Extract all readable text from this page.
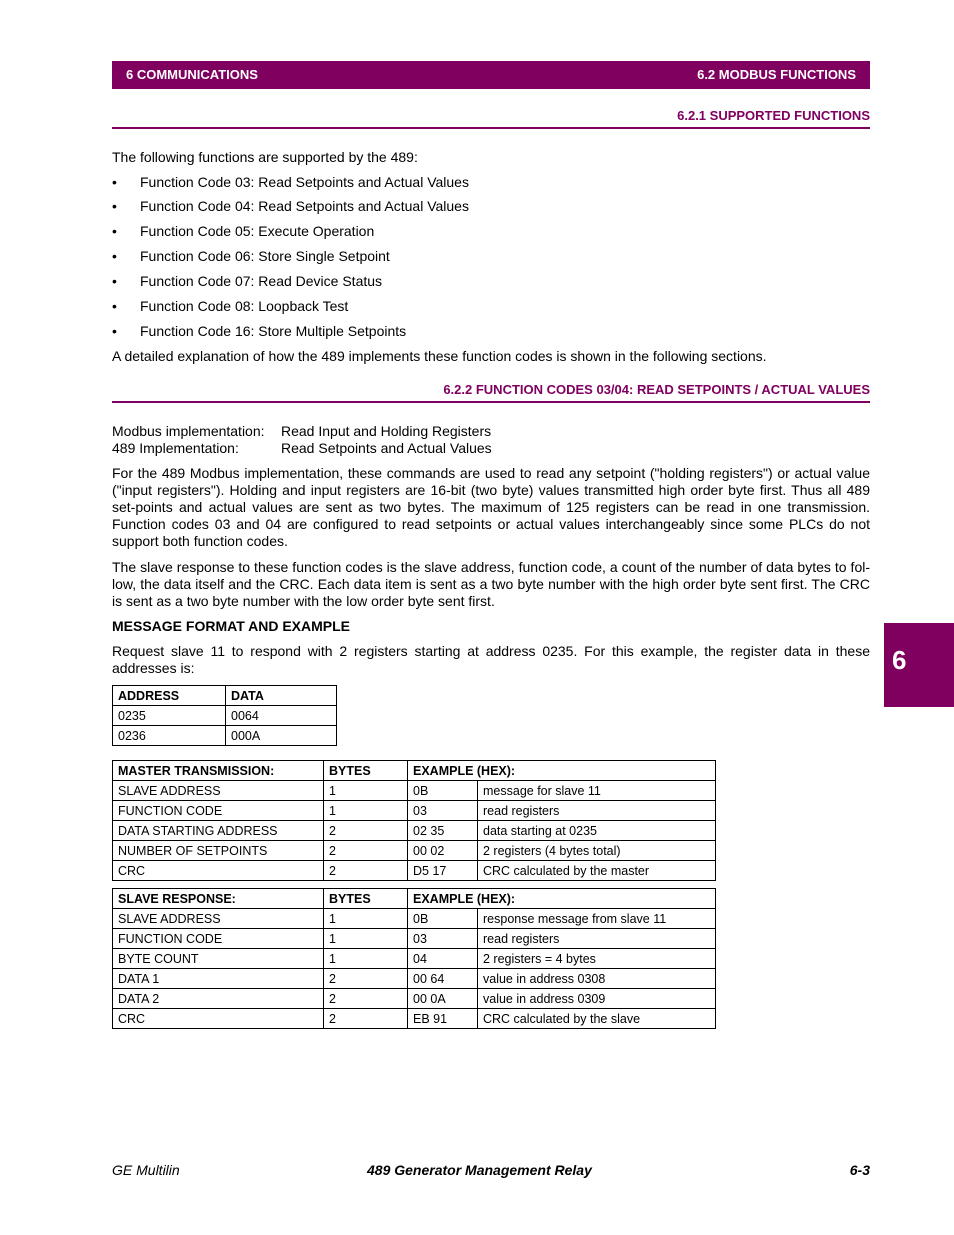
6 COMMUNICATIONS	6.2 MODBUS FUNCTIONS
6.2.1 SUPPORTED FUNCTIONS
The following functions are supported by the 489:
• Function Code 03: Read Setpoints and Actual Values
• Function Code 04: Read Setpoints and Actual Values
• Function Code 05: Execute Operation
• Function Code 06: Store Single Setpoint
• Function Code 07: Read Device Status
• Function Code 08: Loopback Test
• Function Code 16: Store Multiple Setpoints
A detailed explanation of how the 489 implements these function codes is shown in the following sections.
6.2.2 FUNCTION CODES 03/04: READ SETPOINTS / ACTUAL VALUES
Modbus implementation: Read Input and Holding Registers
489 Implementation:	Read Setpoints and Actual Values
For the 489 Modbus implementation, these commands are used to read any setpoint ("holding registers") or actual value ("input registers"). Holding and input registers are 16-bit (two byte) values transmitted high order byte first. Thus all 489 set-points and actual values are sent as two bytes. The maximum of 125 registers can be read in one transmission. Function codes 03 and 04 are configured to read setpoints or actual values interchangeably since some PLCs do not support both function codes.
The slave response to these function codes is the slave address, function code, a count of the number of data bytes to fol-low, the data itself and the CRC. Each data item is sent as a two byte number with the high order byte sent first. The CRC is sent as a two byte number with the low order byte sent first.
MESSAGE FORMAT AND EXAMPLE
Request slave 11 to respond with 2 registers starting at address 0235. For this example, the register data in these addresses is:
ADDRESS	DATA
0235	0064
0236	000A
MASTER TRANSMISSION:	BYTES	EXAMPLE (HEX):	
SLAVE ADDRESS	1	0B	message for slave 11
FUNCTION CODE	1	03	read registers
DATA STARTING ADDRESS	2	02 35	data starting at 0235
NUMBER OF SETPOINTS	2	00 02	2 registers (4 bytes total)
CRC	2	D5 17	CRC calculated by the master
SLAVE RESPONSE:	BYTES	EXAMPLE (HEX):	
SLAVE ADDRESS	1	0B	response message from slave 11
FUNCTION CODE	1	03	read registers
BYTE COUNT	1	04	2 registers = 4 bytes
DATA 1	2	00 64	value in address 0308
DATA 2	2	00 0A	value in address 0309
CRC	2	EB 91	CRC calculated by the slave
6
GE Multilin	489 Generator Management Relay	6-3
